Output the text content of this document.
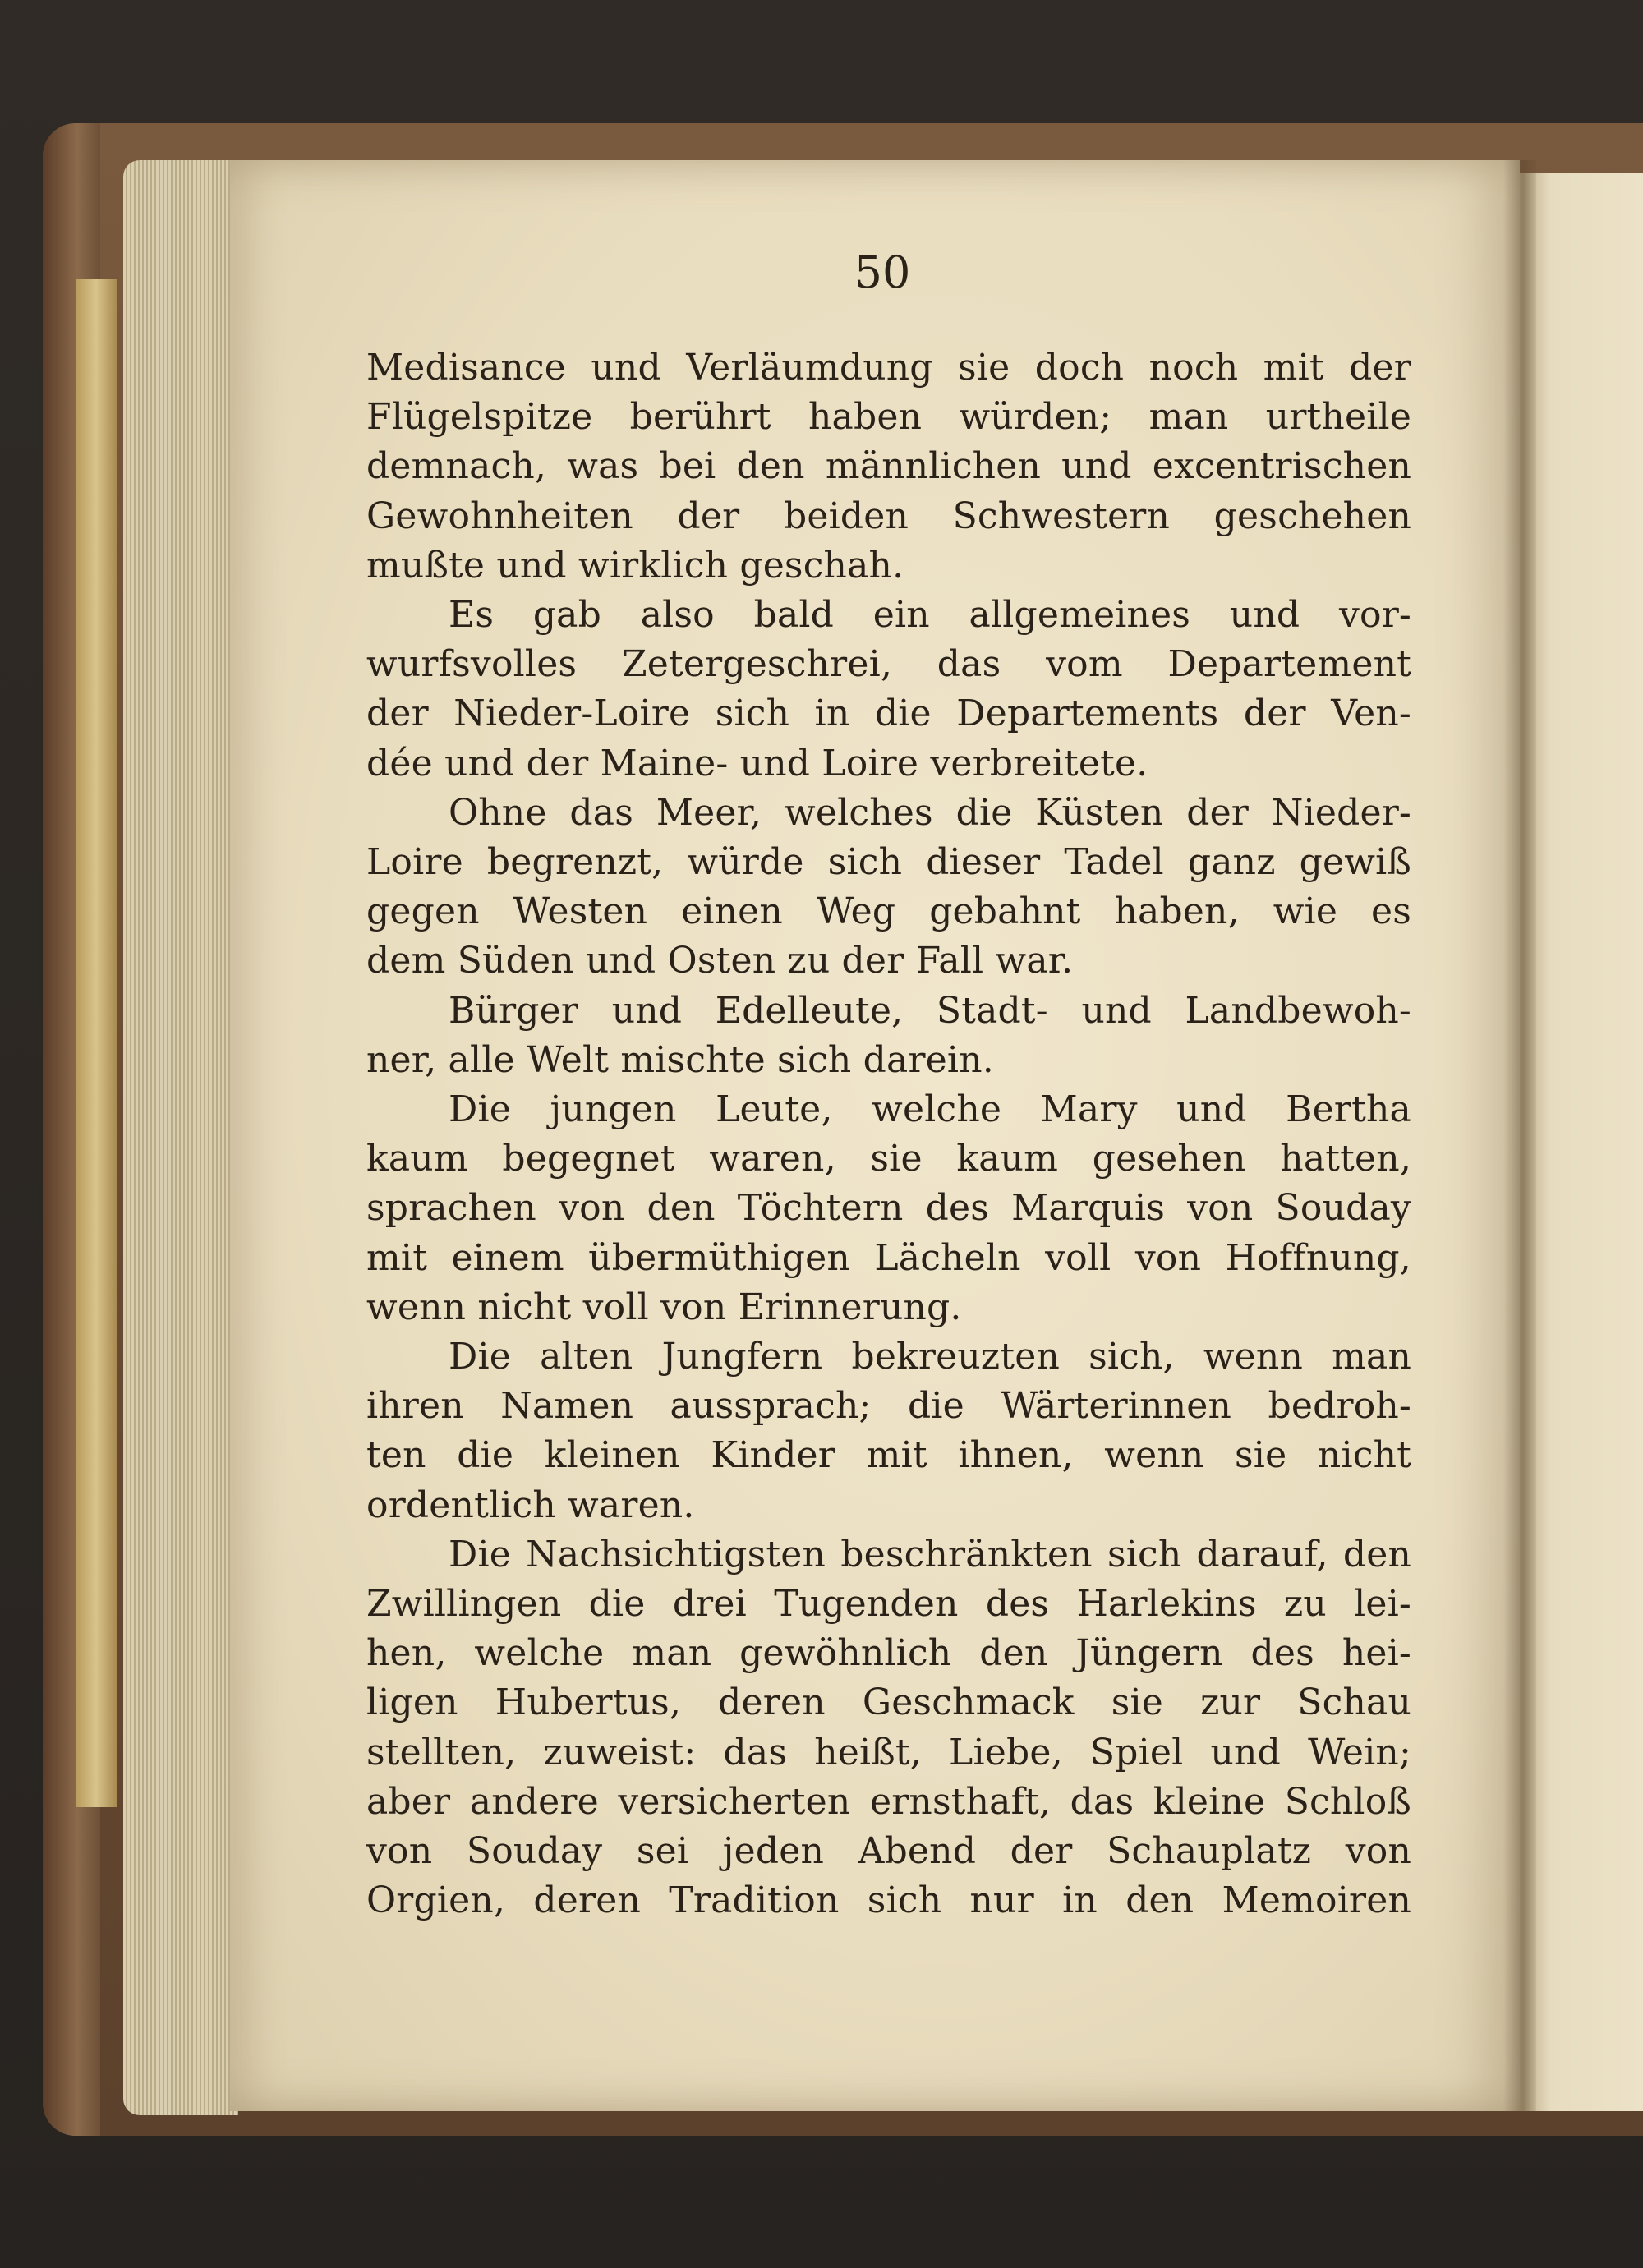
50
Medisance und Verläumdung sie doch noch mit der
Flügelspitze berührt haben würden; man urtheile
demnach, was bei den männlichen und excentrischen
Gewohnheiten der beiden Schwestern geschehen
mußte und wirklich geschah.
Es gab also bald ein allgemeines und vor-
wurfsvolles Zetergeschrei, das vom Departement
der Nieder-Loire sich in die Departements der Ven-
dée und der Maine- und Loire verbreitete.
Ohne das Meer, welches die Küsten der Nieder-
Loire begrenzt, würde sich dieser Tadel ganz gewiß
gegen Westen einen Weg gebahnt haben, wie es
dem Süden und Osten zu der Fall war.
Bürger und Edelleute, Stadt- und Landbewoh-
ner, alle Welt mischte sich darein.
Die jungen Leute, welche Mary und Bertha
kaum begegnet waren, sie kaum gesehen hatten,
sprachen von den Töchtern des Marquis von Souday
mit einem übermüthigen Lächeln voll von Hoffnung,
wenn nicht voll von Erinnerung.
Die alten Jungfern bekreuzten sich, wenn man
ihren Namen aussprach; die Wärterinnen bedroh-
ten die kleinen Kinder mit ihnen, wenn sie nicht
ordentlich waren.
Die Nachsichtigsten beschränkten sich darauf, den
Zwillingen die drei Tugenden des Harlekins zu lei-
hen, welche man gewöhnlich den Jüngern des hei-
ligen Hubertus, deren Geschmack sie zur Schau
stellten, zuweist: das heißt, Liebe, Spiel und Wein;
aber andere versicherten ernsthaft, das kleine Schloß
von Souday sei jeden Abend der Schauplatz von
Orgien, deren Tradition sich nur in den Memoiren
